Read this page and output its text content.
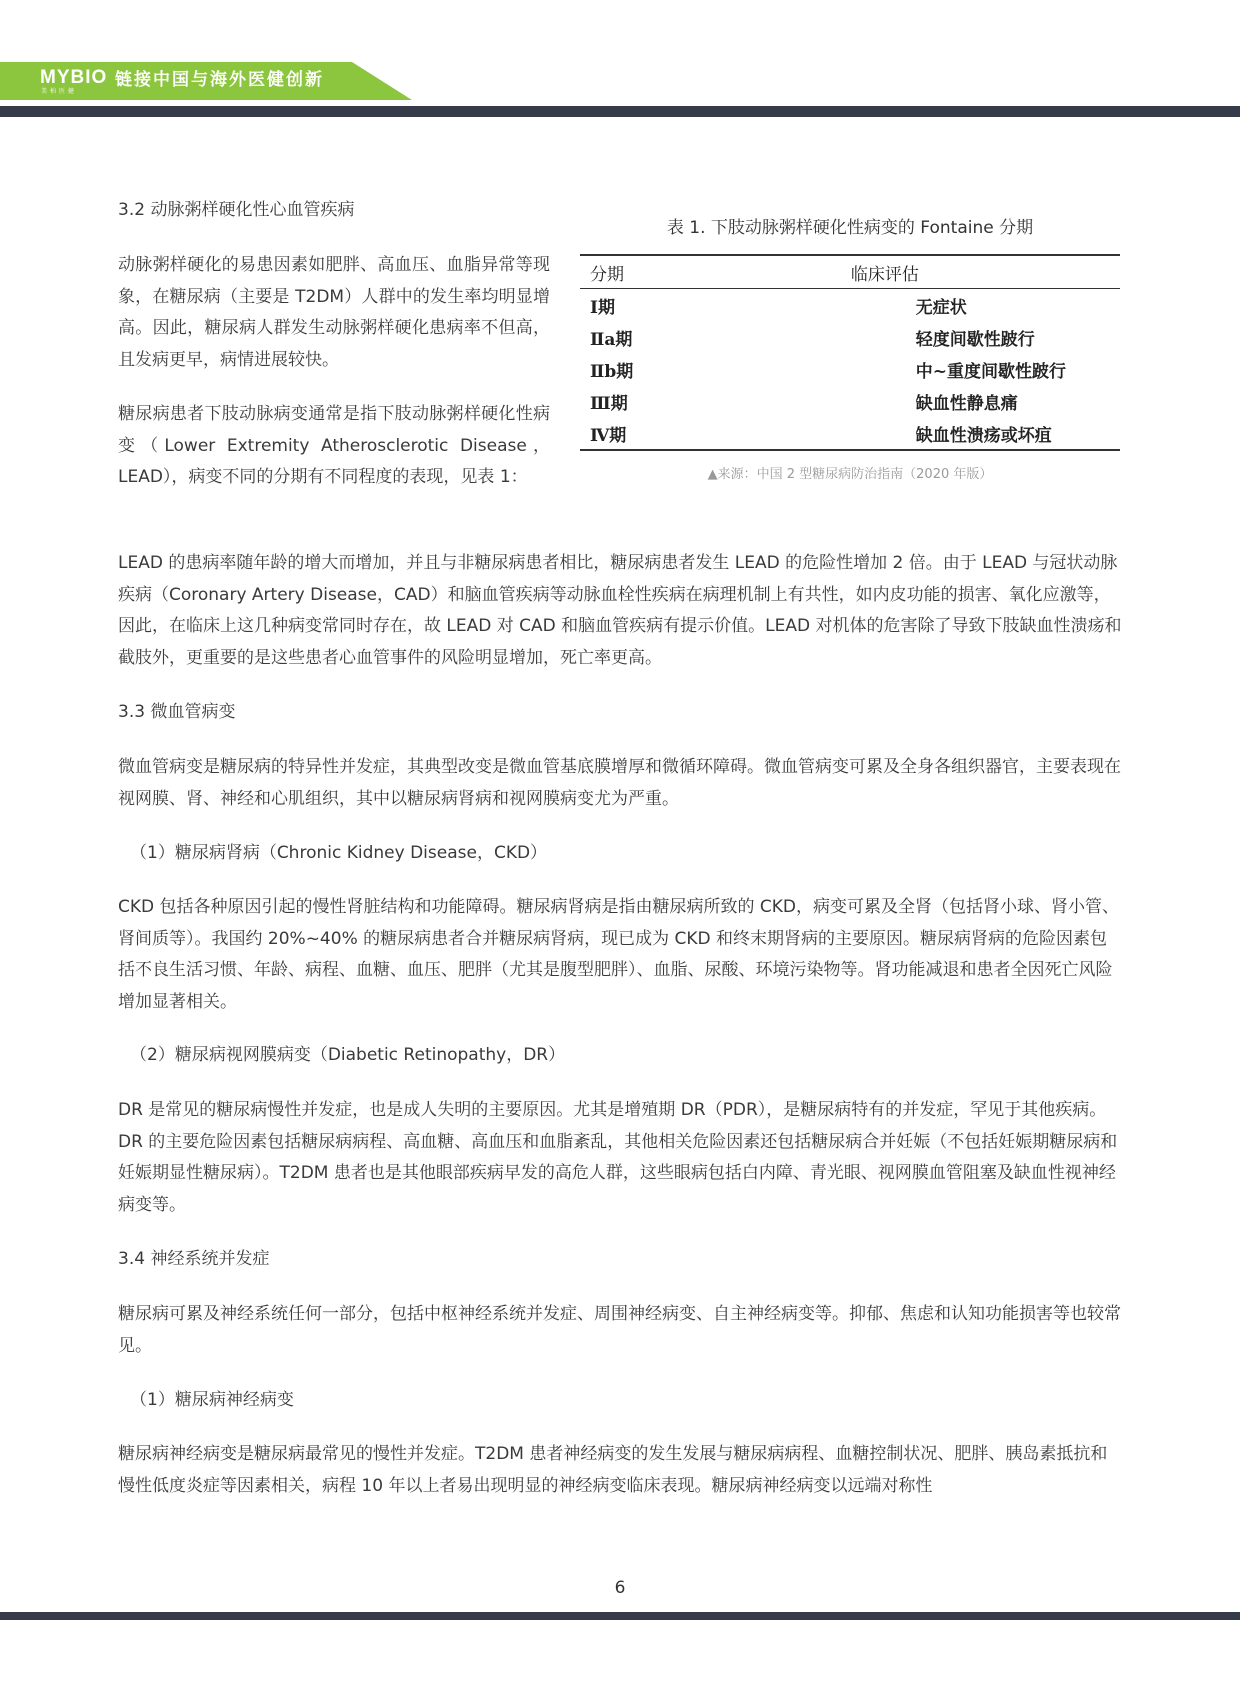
MYBIO
美柏医健
链接中国与海外医健创新
3.2 动脉粥样硬化性心血管疾病
动脉粥样硬化的易患因素如肥胖、高血压、血脂异常等现象，在糖尿病（主要是 T2DM）人群中的发生率均明显增高。因此，糖尿病人群发生动脉粥样硬化患病率不但高，且发病更早，病情进展较快。
糖尿病患者下肢动脉病变通常是指下肢动脉粥样硬化性病变（Lower Extremity Atherosclerotic Disease，LEAD），病变不同的分期有不同程度的表现，见表 1：
表 1. 下肢动脉粥样硬化性病变的 Fontaine 分期
分期	临床评估
Ⅰ期	无症状
Ⅱa期	轻度间歇性跛行
Ⅱb期	中~重度间歇性跛行
Ⅲ期	缺血性静息痛
Ⅳ期	缺血性溃疡或坏疽
▲来源：中国 2 型糖尿病防治指南（2020 年版）
LEAD 的患病率随年龄的增大而增加，并且与非糖尿病患者相比，糖尿病患者发生 LEAD 的危险性增加 2 倍。由于 LEAD 与冠状动脉疾病（Coronary Artery Disease，CAD）和脑血管疾病等动脉血栓性疾病在病理机制上有共性，如内皮功能的损害、氧化应激等，因此，在临床上这几种病变常同时存在，故 LEAD 对 CAD 和脑血管疾病有提示价值。LEAD 对机体的危害除了导致下肢缺血性溃疡和截肢外，更重要的是这些患者心血管事件的风险明显增加，死亡率更高。
3.3 微血管病变
微血管病变是糖尿病的特异性并发症，其典型改变是微血管基底膜增厚和微循环障碍。微血管病变可累及全身各组织器官，主要表现在视网膜、肾、神经和心肌组织，其中以糖尿病肾病和视网膜病变尤为严重。
（1）糖尿病肾病（Chronic Kidney Disease，CKD）
CKD 包括各种原因引起的慢性肾脏结构和功能障碍。糖尿病肾病是指由糖尿病所致的 CKD，病变可累及全肾（包括肾小球、肾小管、肾间质等）。我国约 20%~40% 的糖尿病患者合并糖尿病肾病，现已成为 CKD 和终末期肾病的主要原因。糖尿病肾病的危险因素包括不良生活习惯、年龄、病程、血糖、血压、肥胖（尤其是腹型肥胖）、血脂、尿酸、环境污染物等。肾功能减退和患者全因死亡风险增加显著相关。
（2）糖尿病视网膜病变（Diabetic Retinopathy，DR）
DR 是常见的糖尿病慢性并发症，也是成人失明的主要原因。尤其是增殖期 DR（PDR），是糖尿病特有的并发症，罕见于其他疾病。DR 的主要危险因素包括糖尿病病程、高血糖、高血压和血脂紊乱，其他相关危险因素还包括糖尿病合并妊娠（不包括妊娠期糖尿病和妊娠期显性糖尿病）。T2DM 患者也是其他眼部疾病早发的高危人群，这些眼病包括白内障、青光眼、视网膜血管阻塞及缺血性视神经病变等。
3.4 神经系统并发症
糖尿病可累及神经系统任何一部分，包括中枢神经系统并发症、周围神经病变、自主神经病变等。抑郁、焦虑和认知功能损害等也较常见。
（1）糖尿病神经病变
糖尿病神经病变是糖尿病最常见的慢性并发症。T2DM 患者神经病变的发生发展与糖尿病病程、血糖控制状况、肥胖、胰岛素抵抗和慢性低度炎症等因素相关，病程 10 年以上者易出现明显的神经病变临床表现。糖尿病神经病变以远端对称性
6
